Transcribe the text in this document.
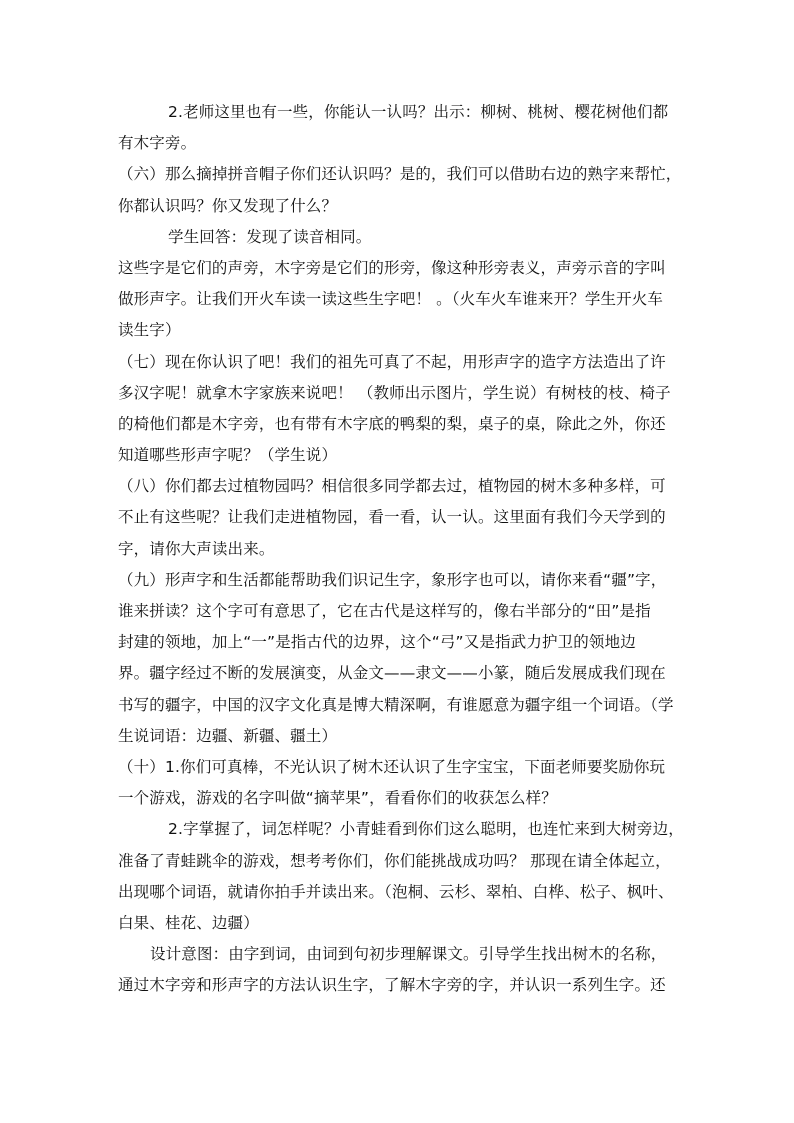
2.老师这里也有一些，你能认一认吗？出示：柳树、桃树、樱花树他们都
有木字旁。
（六）那么摘掉拼音帽子你们还认识吗？是的，我们可以借助右边的熟字来帮忙，
你都认识吗？你又发现了什么？
学生回答：发现了读音相同。
这些字是它们的声旁，木字旁是它们的形旁，像这种形旁表义，声旁示音的字叫
做形声字。让我们开火车读一读这些生字吧！ 。（火车火车谁来开？学生开火车
读生字）
（七）现在你认识了吧！我们的祖先可真了不起，用形声字的造字方法造出了许
多汉字呢！就拿木字家族来说吧！ （教师出示图片，学生说）有树枝的枝、椅子
的椅他们都是木字旁，也有带有木字底的鸭梨的梨，桌子的桌，除此之外，你还
知道哪些形声字呢？（学生说）
（八）你们都去过植物园吗？相信很多同学都去过，植物园的树木多种多样，可
不止有这些呢？让我们走进植物园，看一看，认一认。这里面有我们今天学到的
字，请你大声读出来。
（九）形声字和生活都能帮助我们识记生字，象形字也可以，请你来看“疆”字，
谁来拼读？这个字可有意思了，它在古代是这样写的，像右半部分的“田”是指
封建的领地，加上“一”是指古代的边界，这个“弓”又是指武力护卫的领地边
界。疆字经过不断的发展演变，从金文——隶文——小篆，随后发展成我们现在
书写的疆字，中国的汉字文化真是博大精深啊，有谁愿意为疆字组一个词语。（学
生说词语：边疆、新疆、疆土）
（十）1.你们可真棒，不光认识了树木还认识了生字宝宝，下面老师要奖励你玩
一个游戏，游戏的名字叫做“摘苹果”，看看你们的收获怎么样？
2.字掌握了，词怎样呢？小青蛙看到你们这么聪明，也连忙来到大树旁边，
准备了青蛙跳伞的游戏，想考考你们，你们能挑战成功吗？ 那现在请全体起立，
出现哪个词语，就请你拍手并读出来。（泡桐、云杉、翠柏、白桦、松子、枫叶、
白果、桂花、边疆）
设计意图：由字到词，由词到句初步理解课文。引导学生找出树木的名称，
通过木字旁和形声字的方法认识生字，了解木字旁的字，并认识一系列生字。还
